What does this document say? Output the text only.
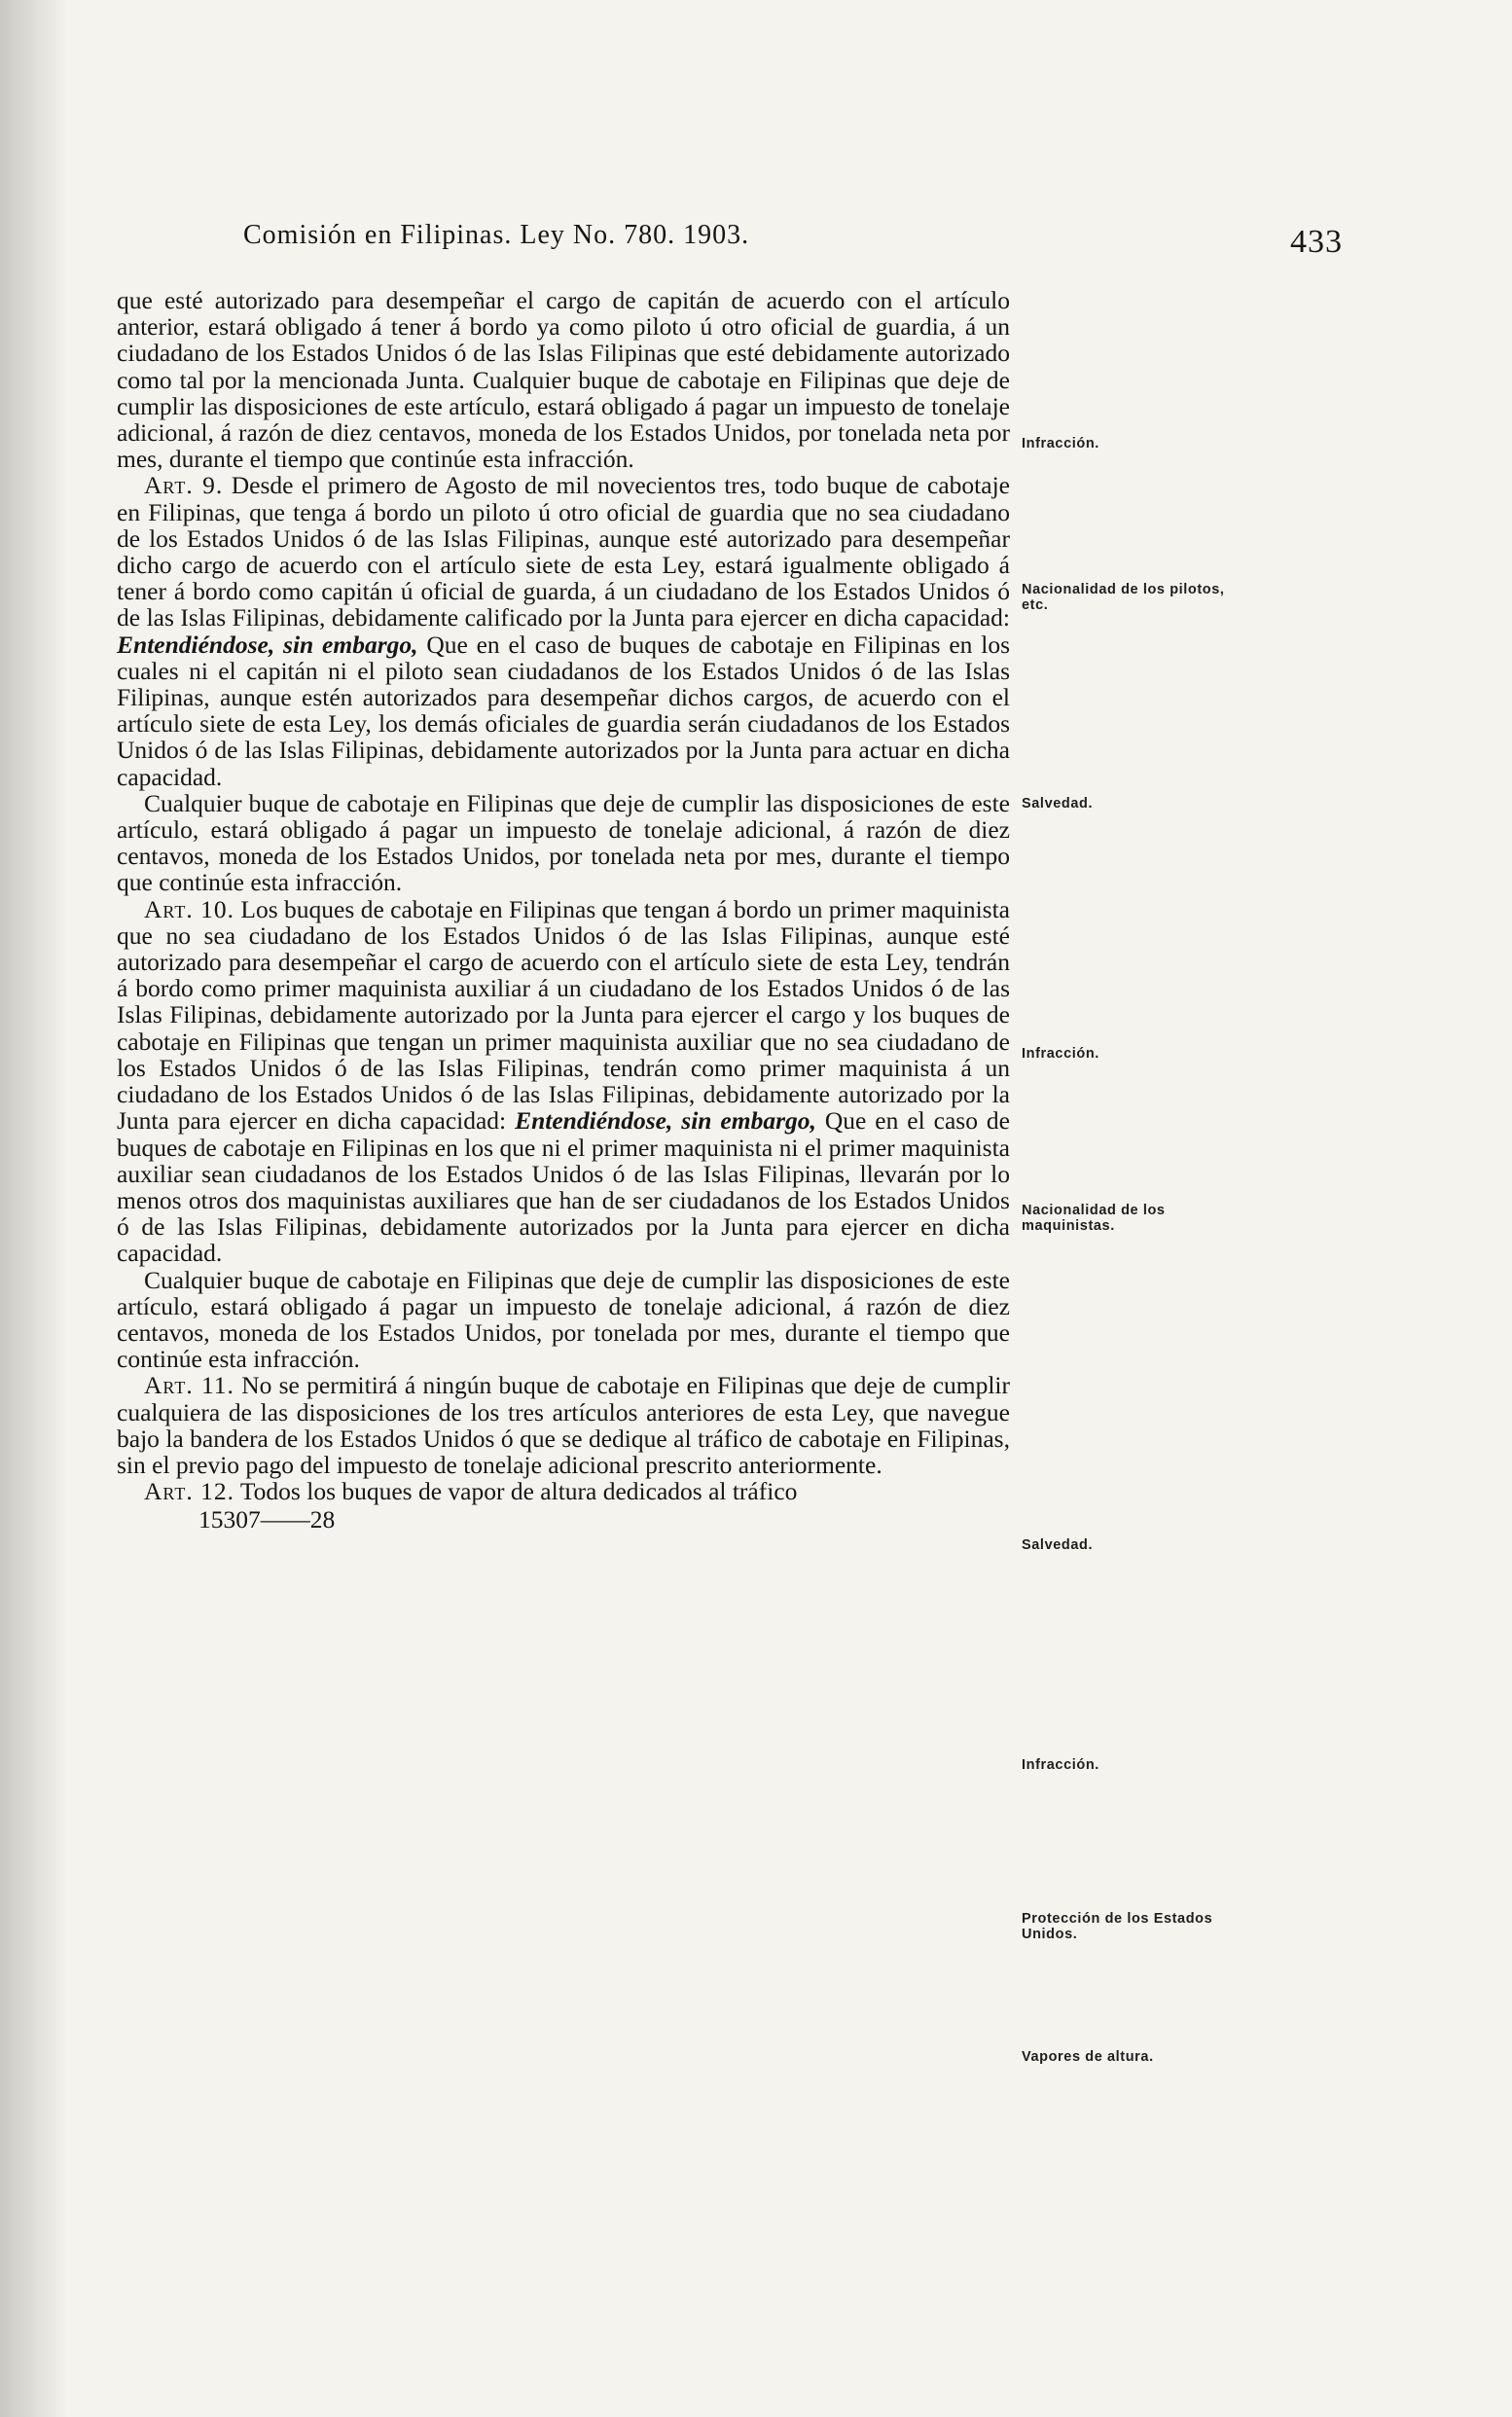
Comisión en Filipinas. Ley No. 780. 1903.	433

que esté autorizado para desempeñar el cargo de capitán de acuerdo con el artículo anterior, estará obligado á tener á bordo ya como piloto ú otro oficial de guardia, á un ciudadano de los Estados Unidos ó de las Islas Filipinas que esté debidamente autorizado como tal por la mencionada Junta. Cualquier buque de cabotaje en Filipinas que deje de cumplir las disposiciones de este artículo, estará obligado á pagar un impuesto de tonelaje adicional, á razón de diez centavos, moneda de los Estados Unidos, por tonelada neta por mes, durante el tiempo que continúe esta infracción.

Art. 9. Desde el primero de Agosto de mil novecientos tres, todo buque de cabotaje en Filipinas, que tenga á bordo un piloto ú otro oficial de guardia que no sea ciudadano de los Estados Unidos ó de las Islas Filipinas, aunque esté autorizado para desempeñar dicho cargo de acuerdo con el artículo siete de esta Ley, estará igualmente obligado á tener á bordo como capitán ú oficial de guarda, á un ciudadano de los Estados Unidos ó de las Islas Filipinas, debidamente calificado por la Junta para ejercer en dicha capacidad: Entendiéndose, sin embargo, Que en el caso de buques de cabotaje en Filipinas en los cuales ni el capitán ni el piloto sean ciudadanos de los Estados Unidos ó de las Islas Filipinas, aunque estén autorizados para desempeñar dichos cargos, de acuerdo con el artículo siete de esta Ley, los demás oficiales de guardia serán ciudadanos de los Estados Unidos ó de las Islas Filipinas, debidamente autorizados por la Junta para actuar en dicha capacidad.

Cualquier buque de cabotaje en Filipinas que deje de cumplir las disposiciones de este artículo, estará obligado á pagar un impuesto de tonelaje adicional, á razón de diez centavos, moneda de los Estados Unidos, por tonelada neta por mes, durante el tiempo que continúe esta infracción.

Art. 10. Los buques de cabotaje en Filipinas que tengan á bordo un primer maquinista que no sea ciudadano de los Estados Unidos ó de las Islas Filipinas, aunque esté autorizado para desempeñar el cargo de acuerdo con el artículo siete de esta Ley, tendrán á bordo como primer maquinista auxiliar á un ciudadano de los Estados Unidos ó de las Islas Filipinas, debidamente autorizado por la Junta para ejercer el cargo y los buques de cabotaje en Filipinas que tengan un primer maquinista auxiliar que no sea ciudadano de los Estados Unidos ó de las Islas Filipinas, tendrán como primer maquinista á un ciudadano de los Estados Unidos ó de las Islas Filipinas, debidamente autorizado por la Junta para ejercer en dicha capacidad: Entendiéndose, sin embargo, Que en el caso de buques de cabotaje en Filipinas en los que ni el primer maquinista ni el primer maquinista auxiliar sean ciudadanos de los Estados Unidos ó de las Islas Filipinas, llevarán por lo menos otros dos maquinistas auxiliares que han de ser ciudadanos de los Estados Unidos ó de las Islas Filipinas, debidamente autorizados por la Junta para ejercer en dicha capacidad.

Cualquier buque de cabotaje en Filipinas que deje de cumplir las disposiciones de este artículo, estará obligado á pagar un impuesto de tonelaje adicional, á razón de diez centavos, moneda de los Estados Unidos, por tonelada por mes, durante el tiempo que continúe esta infracción.

Art. 11. No se permitirá á ningún buque de cabotaje en Filipinas que deje de cumplir cualquiera de las disposiciones de los tres artículos anteriores de esta Ley, que navegue bajo la bandera de los Estados Unidos ó que se dedique al tráfico de cabotaje en Filipinas, sin el previo pago del impuesto de tonelaje adicional prescrito anteriormente.

Art. 12. Todos los buques de vapor de altura dedicados al tráfico

15307——28
Infracción.
Nacionalidad de los pilotos, etc.
Salvedad.
Infracción.
Nacionalidad de los maquinistas.
Salvedad.
Infracción.
Protección de los Estados Unidos.
Vapores de altura.
